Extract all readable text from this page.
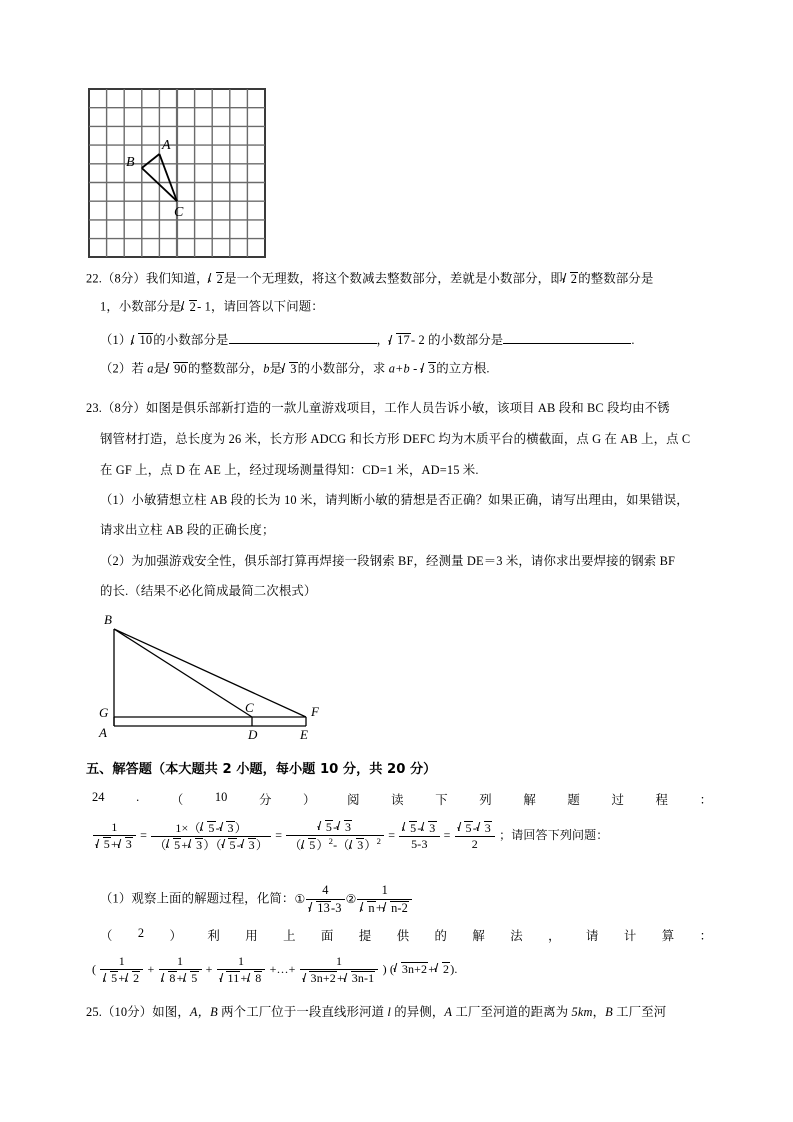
A
B
C
22.（8分）我们知道， 2是一个无理数，将这个数减去整数部分，差就是小数部分，即 2的整数部分是
1，小数部分是 2- 1，请回答以下问题：
（1） 10的小数部分是	， 17- 2 的小数部分是	.
（2）若 a是 90的整数部分，b是 3的小数部分，求 a+b - 3的立方根.
23.（8分）如图是俱乐部新打造的一款儿童游戏项目，工作人员告诉小敏，该项目 AB 段和 BC 段均由不锈
钢管材打造，总长度为 26 米，长方形 ADCG 和长方形 DEFC 均为木质平台的横截面，点 G 在 AB 上，点 C
在 GF 上，点 D 在 AE 上，经过现场测量得知：CD=1 米，AD=15 米.
（1）小敏猜想立柱 AB 段的长为 10 米，请判断小敏的猜想是否正确？如果正确，请写出理由，如果错误，
请求出立柱 AB 段的正确长度；
（2）为加强游戏安全性，俱乐部打算再焊接一段钢索 BF，经测量 DE＝3 米，请你求出要焊接的钢索 BF
的长.（结果不必化简成最简二次根式）
B
G
A
C
D	E
F
五、解答题（本大题共 2 小题，每小题 10 分，共 20 分）
24	.	（	10	分	）	阅	读	下	列	解	题	过	程	：
$\frac{1}{5+ 3} = \frac{1\times( 5- 3)}{( 5+ 3)( 5- 3)} = \frac{5- 3}{( 5)^2-( 3)^2} = \frac{5- 3}{5-3} = \frac{5- 3}{2}$ ；请回答下列问题：
（1）观察上面的解题过程，化简：① $\frac{4}{13-3}$ ② $\frac{1}{n+ n-2}$
（ 2 ） 利 用 上 面 提 供 的 解 法 ， 请 计 算 ：
( $\frac{1}{5+ 2} + \frac{1}{8+ 5} + \frac{1}{11+ 8}$ +…+ $\frac{1}{3n+2+ 3n-1}$ ) ( 3n+2+ 2).
25.（10分）如图，A，B 两个工厂位于一段直线形河道 l 的异侧，A 工厂至河道的距离为 5km，B 工厂至河
